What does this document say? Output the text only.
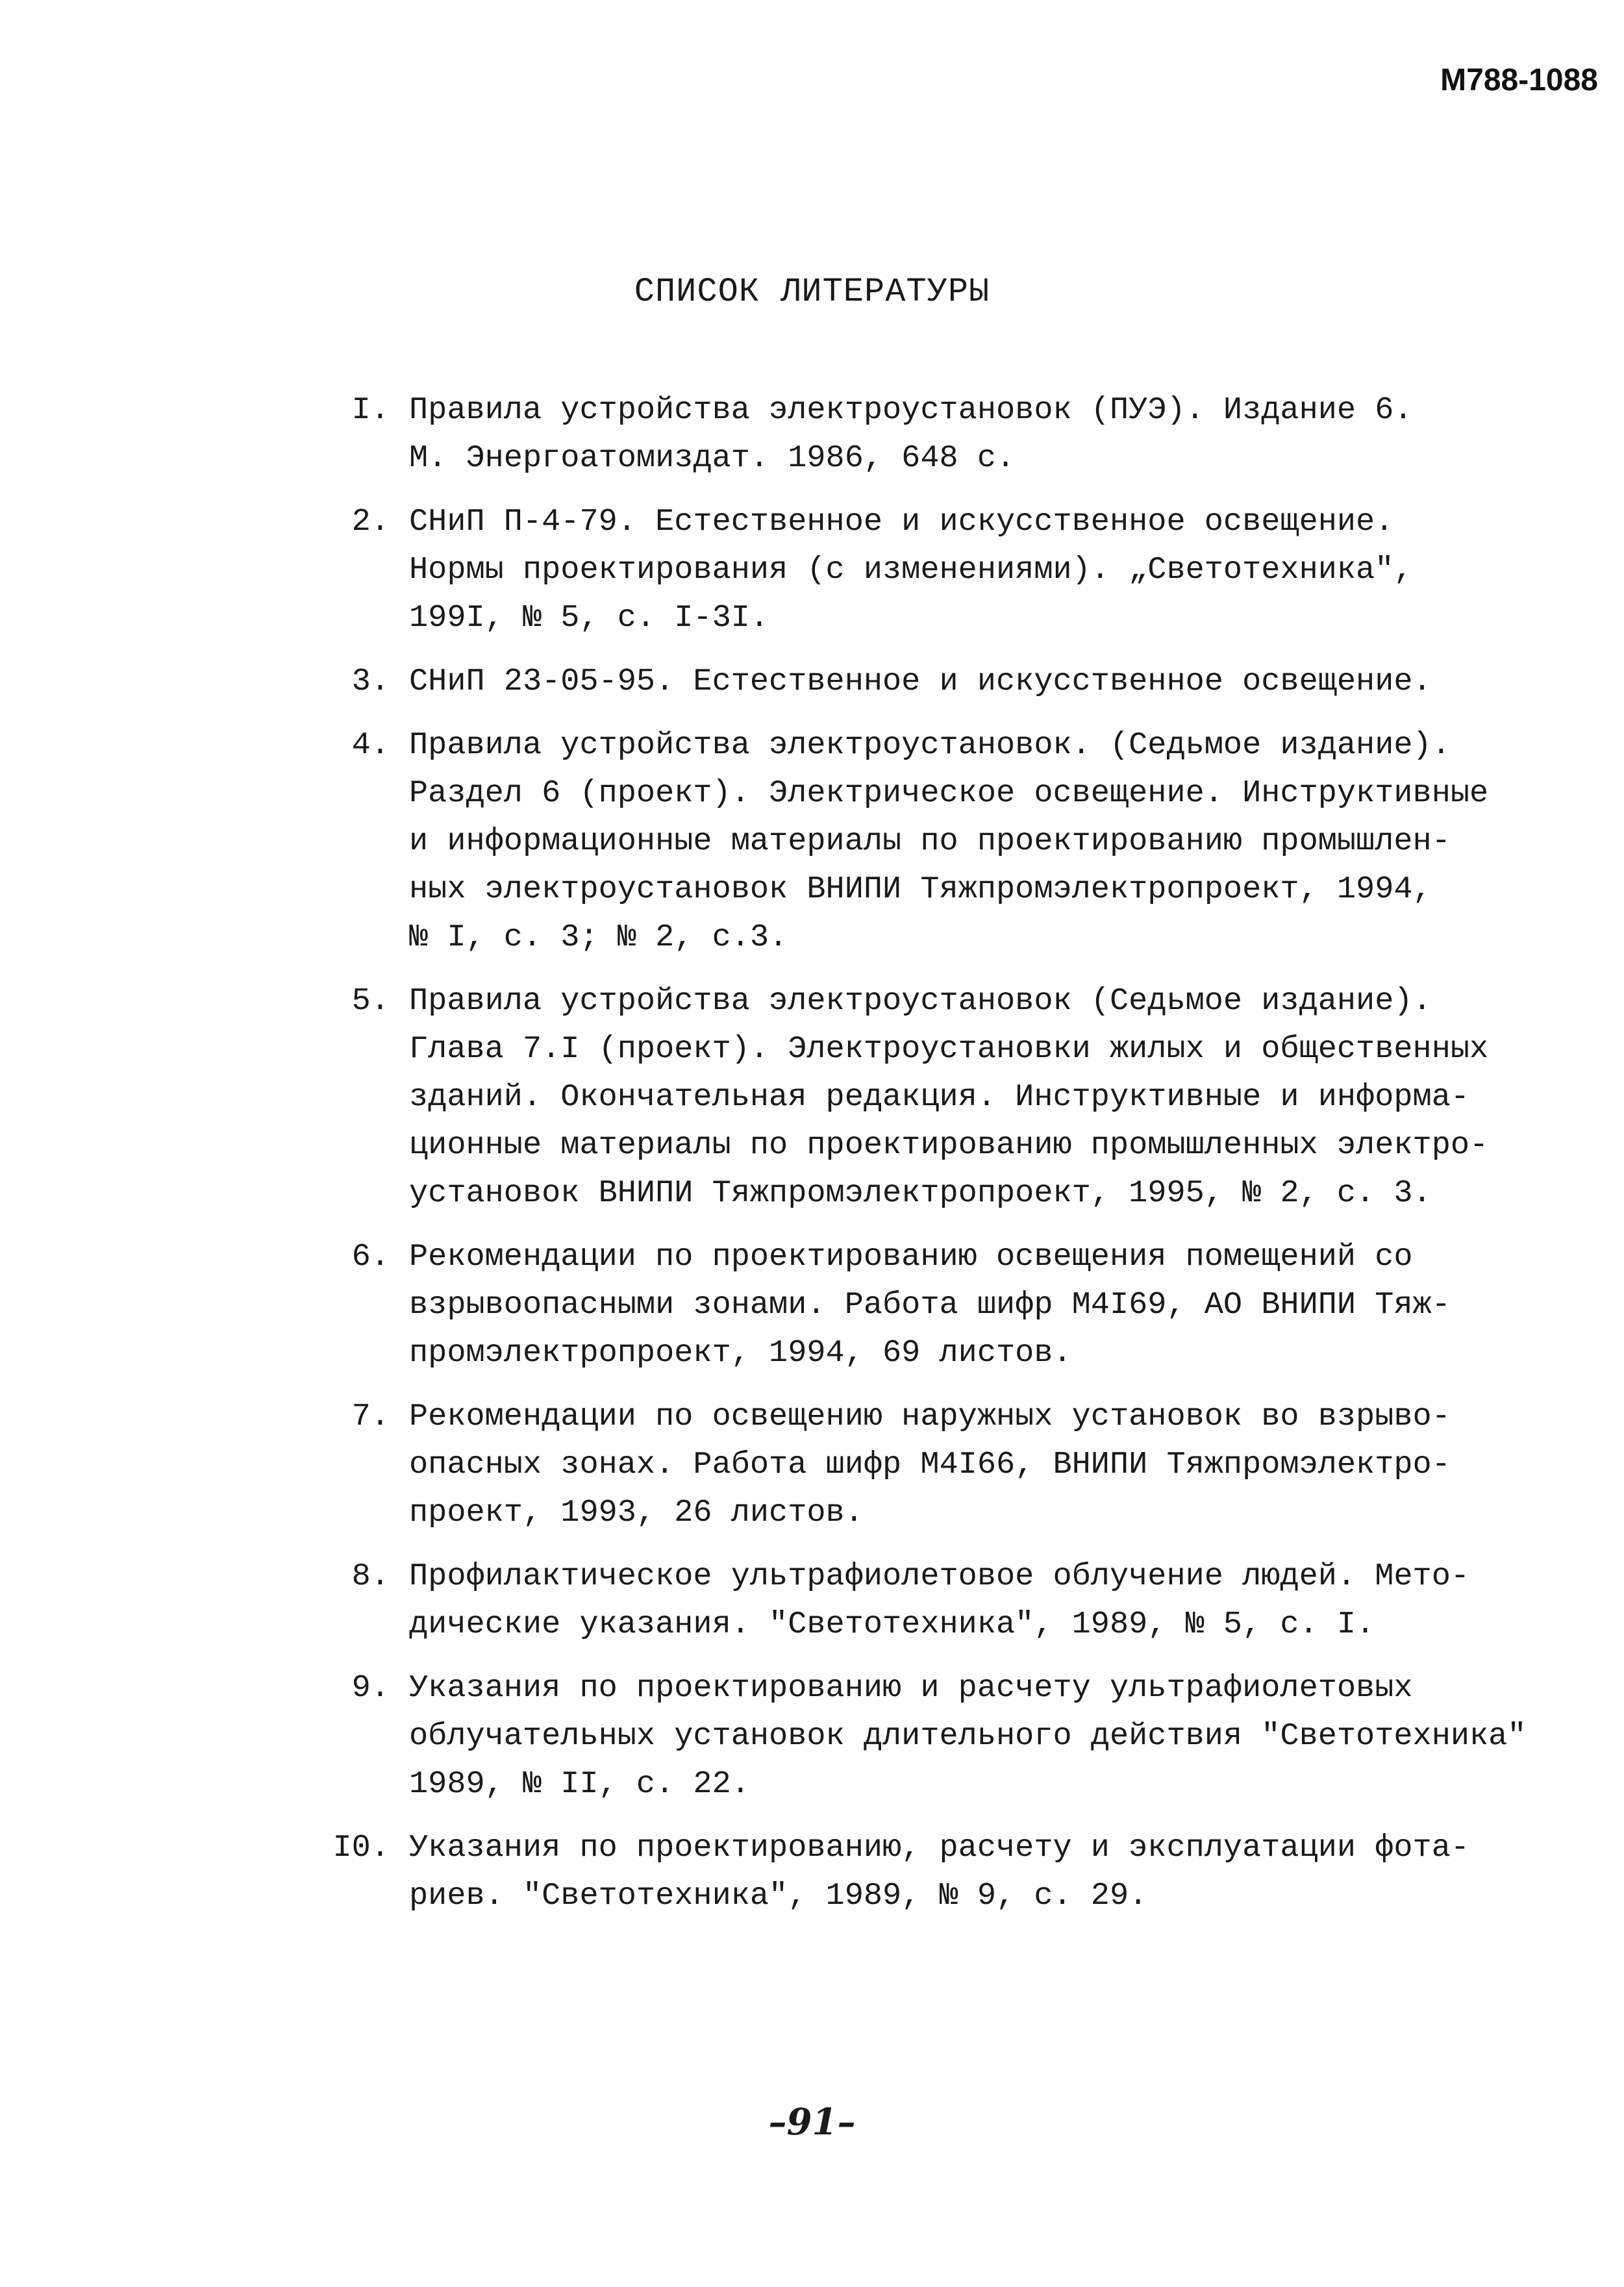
M788-1088
СПИСОК ЛИТЕРАТУРЫ
I. Правила устройства электроустановок (ПУЭ). Издание 6.
М. Энергоатомиздат. 1986, 648 с.
2. СНиП П-4-79. Естественное и искусственное освещение.
Нормы проектирования (с изменениями). „Светотехника",
199I, № 5, с. I-3I.
3. СНиП 23-05-95. Естественное и искусственное освещение.
4. Правила устройства электроустановок. (Седьмое издание).
Раздел 6 (проект). Электрическое освещение. Инструктивные
и информационные материалы по проектированию промышлен-
ных электроустановок ВНИПИ Тяжпромэлектропроект, 1994,
№ I, с. 3; № 2, с.3.
5. Правила устройства электроустановок (Седьмое издание).
Глава 7.I (проект). Электроустановки жилых и общественных
зданий. Окончательная редакция. Инструктивные и информа-
ционные материалы по проектированию промышленных электро-
установок ВНИПИ Тяжпромэлектропроект, 1995, № 2, с. 3.
6. Рекомендации по проектированию освещения помещений со
взрывоопасными зонами. Работа шифр М4I69, АО ВНИПИ Тяж-
промэлектропроект, 1994, 69 листов.
7. Рекомендации по освещению наружных установок во взрыво-
опасных зонах. Работа шифр М4I66, ВНИПИ Тяжпромэлектро-
проект, 1993, 26 листов.
8. Профилактическое ультрафиолетовое облучение людей. Мето-
дические указания. "Светотехника", 1989, № 5, с. I.
9. Указания по проектированию и расчету ультрафиолетовых
облучательных установок длительного действия "Светотехника"
1989, № II, с. 22.
I0. Указания по проектированию, расчету и эксплуатации фота-
риев. "Светотехника", 1989, № 9, с. 29.
–91–
